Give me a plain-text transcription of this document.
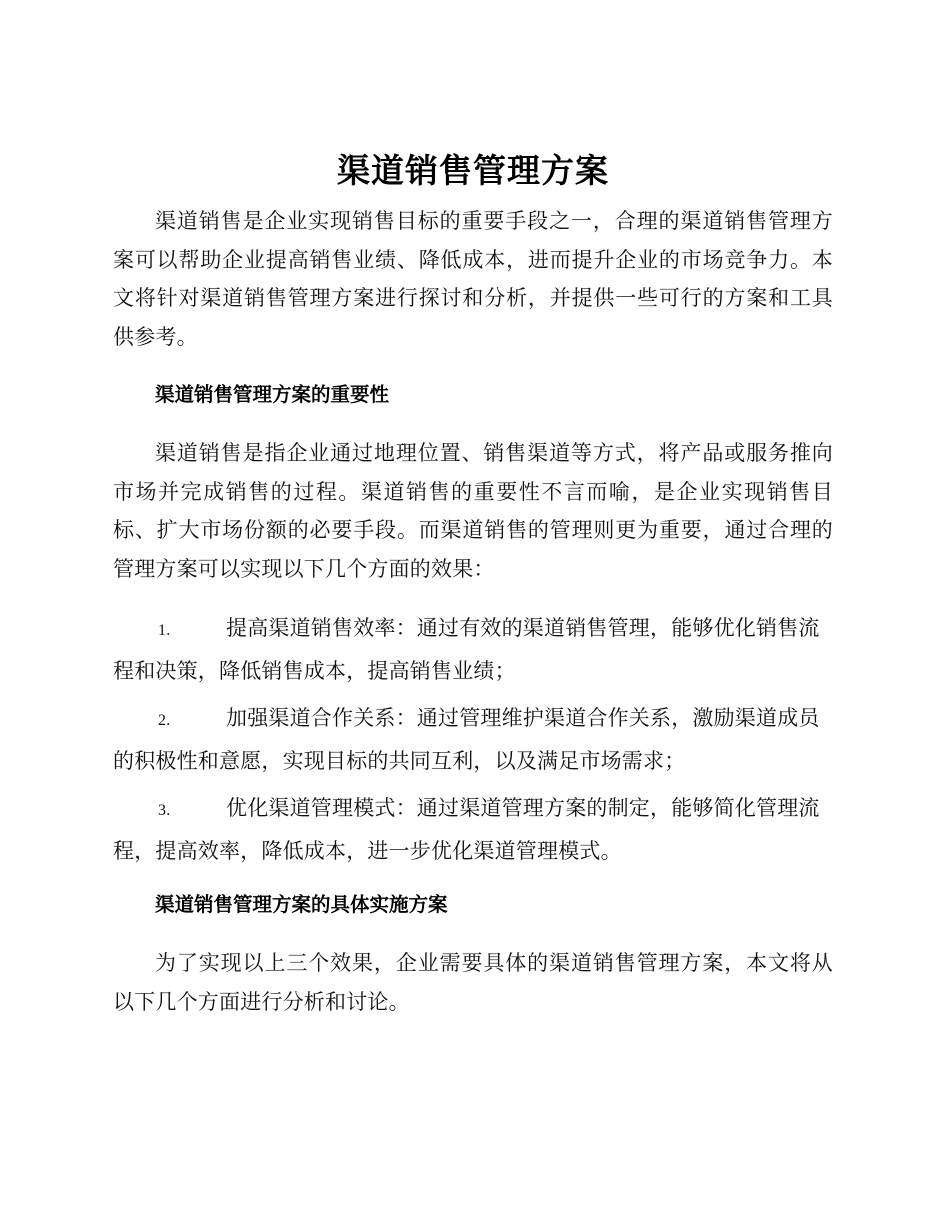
渠道销售管理方案

渠道销售是企业实现销售目标的重要手段之一，合理的渠道销售管理方案可以帮助企业提高销售业绩、降低成本，进而提升企业的市场竞争力。本文将针对渠道销售管理方案进行探讨和分析，并提供一些可行的方案和工具供参考。

渠道销售管理方案的重要性

渠道销售是指企业通过地理位置、销售渠道等方式，将产品或服务推向市场并完成销售的过程。渠道销售的重要性不言而喻，是企业实现销售目标、扩大市场份额的必要手段。而渠道销售的管理则更为重要，通过合理的管理方案可以实现以下几个方面的效果：

1.	提高渠道销售效率：通过有效的渠道销售管理，能够优化销售流程和决策，降低销售成本，提高销售业绩；

2.	加强渠道合作关系：通过管理维护渠道合作关系，激励渠道成员的积极性和意愿，实现目标的共同互利，以及满足市场需求；

3.	优化渠道管理模式：通过渠道管理方案的制定，能够简化管理流程，提高效率，降低成本，进一步优化渠道管理模式。

渠道销售管理方案的具体实施方案

为了实现以上三个效果，企业需要具体的渠道销售管理方案，本文将从以下几个方面进行分析和讨论。
